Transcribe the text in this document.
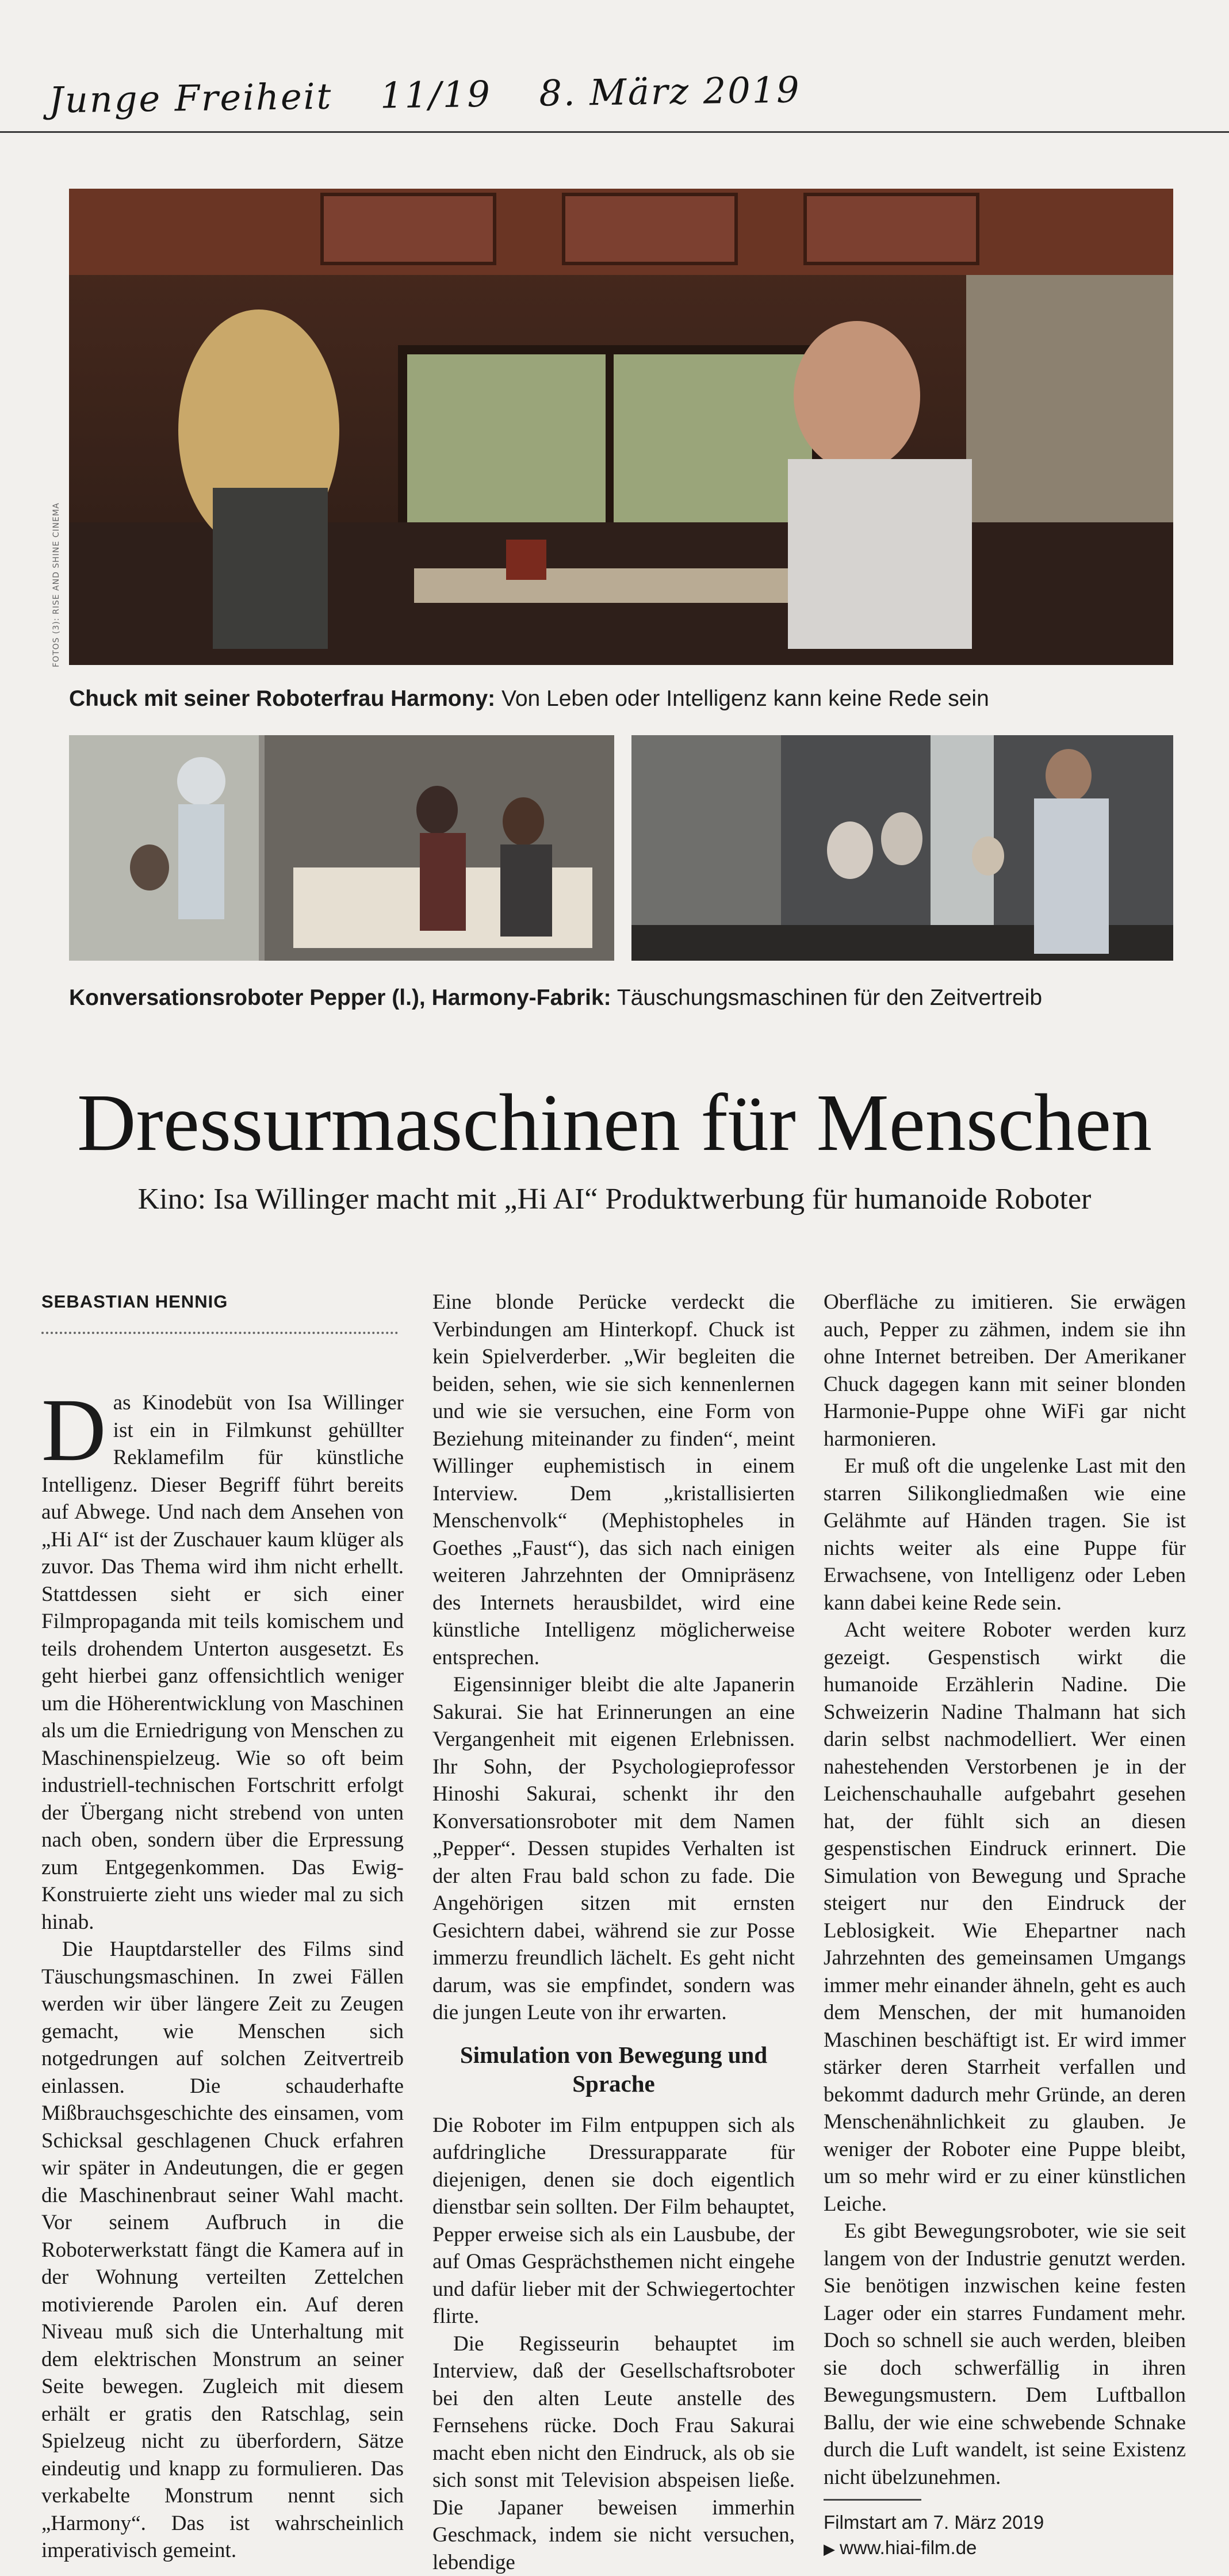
Junge Freiheit 11/19 8. März 2019
FOTOS (3): RISE AND SHINE CINEMA
Chuck mit seiner Roboterfrau Harmony: Von Leben oder Intelligenz kann keine Rede sein
Konversationsroboter Pepper (l.), Harmony-Fabrik: Täuschungsmaschinen für den Zeitvertreib
Dressurmaschinen für Menschen
Kino: Isa Willinger macht mit „Hi AI“ Produktwerbung für humanoide Roboter
SEBASTIAN HENNIG

Das Kinodebüt von Isa Willinger ist ein in Filmkunst gehüllter Reklamefilm für künstliche Intelligenz. Dieser Begriff führt bereits auf Abwege. Und nach dem Ansehen von „Hi AI“ ist der Zuschauer kaum klüger als zuvor. Das Thema wird ihm nicht erhellt. Stattdessen sieht er sich einer Filmpropaganda mit teils komischem und teils drohendem Unterton ausgesetzt. Es geht hierbei ganz offensichtlich weniger um die Höherentwicklung von Maschinen als um die Erniedrigung von Menschen zu Maschinenspielzeug. Wie so oft beim industriell-technischen Fortschritt erfolgt der Übergang nicht strebend von unten nach oben, sondern über die Erpressung zum Entgegenkommen. Das Ewig-Konstruierte zieht uns wieder mal zu sich hinab.

Die Hauptdarsteller des Films sind Täuschungsmaschinen. In zwei Fällen werden wir über längere Zeit zu Zeugen gemacht, wie Menschen sich notgedrungen auf solchen Zeitvertreib einlassen. Die schauderhafte Mißbrauchsgeschichte des einsamen, vom Schicksal geschlagenen Chuck erfahren wir später in Andeutungen, die er gegen die Maschinenbraut seiner Wahl macht. Vor seinem Aufbruch in die Roboterwerkstatt fängt die Kamera auf in der Wohnung verteilten Zettelchen motivierende Parolen ein. Auf deren Niveau muß sich die Unterhaltung mit dem elektrischen Monstrum an seiner Seite bewegen. Zugleich mit diesem erhält er gratis den Ratschlag, sein Spielzeug nicht zu überfordern, Sätze eindeutig und knapp zu formulieren. Das verkabelte Monstrum nennt sich „Harmony“. Das ist wahrscheinlich imperativisch gemeint.

Eine blonde Perücke verdeckt die Verbindungen am Hinterkopf. Chuck ist kein Spielverderber. „Wir begleiten die beiden, sehen, wie sie sich kennenlernen und wie sie versuchen, eine Form von Beziehung miteinander zu finden“, meint Willinger euphemistisch in einem Interview. Dem „kristallisierten Menschenvolk“ (Mephistopheles in Goethes „Faust“), das sich nach einigen weiteren Jahrzehnten der Omnipräsenz des Internets herausbildet, wird eine künstliche Intelligenz möglicherweise entsprechen.

Eigensinniger bleibt die alte Japanerin Sakurai. Sie hat Erinnerungen an eine Vergangenheit mit eigenen Erlebnissen. Ihr Sohn, der Psychologieprofessor Hinoshi Sakurai, schenkt ihr den Konversationsroboter mit dem Namen „Pepper“. Dessen stupides Verhalten ist der alten Frau bald schon zu fade. Die Angehörigen sitzen mit ernsten Gesichtern dabei, während sie zur Posse immerzu freundlich lächelt. Es geht nicht darum, was sie empfindet, sondern was die jungen Leute von ihr erwarten.

Simulation von Bewegung und Sprache

Die Roboter im Film entpuppen sich als aufdringliche Dressurapparate für diejenigen, denen sie doch eigentlich dienstbar sein sollten. Der Film behauptet, Pepper erweise sich als ein Lausbube, der auf Omas Gesprächsthemen nicht eingehe und dafür lieber mit der Schwiegertochter flirte.

Die Regisseurin behauptet im Interview, daß der Gesellschaftsroboter bei den alten Leute anstelle des Fernsehens rücke. Doch Frau Sakurai macht eben nicht den Eindruck, als ob sie sich sonst mit Television abspeisen ließe. Die Japaner beweisen immerhin Geschmack, indem sie nicht versuchen, lebendige

Oberfläche zu imitieren. Sie erwägen auch, Pepper zu zähmen, indem sie ihn ohne Internet betreiben. Der Amerikaner Chuck dagegen kann mit seiner blonden Harmonie-Puppe ohne WiFi gar nicht harmonieren.

Er muß oft die ungelenke Last mit den starren Silikongliedmaßen wie eine Gelähmte auf Händen tragen. Sie ist nichts weiter als eine Puppe für Erwachsene, von Intelligenz oder Leben kann dabei keine Rede sein.

Acht weitere Roboter werden kurz gezeigt. Gespenstisch wirkt die humanoide Erzählerin Nadine. Die Schweizerin Nadine Thalmann hat sich darin selbst nachmodelliert. Wer einen nahestehenden Verstorbenen je in der Leichenschauhalle aufgebahrt gesehen hat, der fühlt sich an diesen gespenstischen Eindruck erinnert. Die Simulation von Bewegung und Sprache steigert nur den Eindruck der Leblosigkeit. Wie Ehepartner nach Jahrzehnten des gemeinsamen Umgangs immer mehr einander ähneln, geht es auch dem Menschen, der mit humanoiden Maschinen beschäftigt ist. Er wird immer stärker deren Starrheit verfallen und bekommt dadurch mehr Gründe, an deren Menschenähnlichkeit zu glauben. Je weniger der Roboter eine Puppe bleibt, um so mehr wird er zu einer künstlichen Leiche.

Es gibt Bewegungsroboter, wie sie seit langem von der Industrie genutzt werden. Sie benötigen inzwischen keine festen Lager oder ein starres Fundament mehr. Doch so schnell sie auch werden, bleiben sie doch schwerfällig in ihren Bewegungsmustern. Dem Luftballon Ballu, der wie eine schwebende Schnake durch die Luft wandelt, ist seine Existenz nicht übelzunehmen.

Filmstart am 7. März 2019
▶ www.hiai-film.de
